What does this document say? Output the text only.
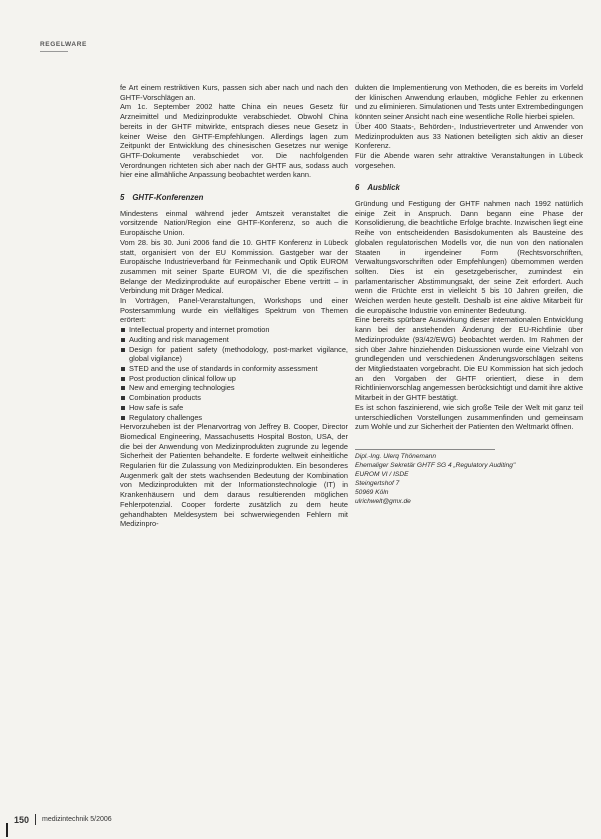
REGELWARE

fe Art einem restriktiven Kurs, passen sich aber nach und nach den GHTF-Vorschlägen an.

Am 1c. September 2002 hatte China ein neues Gesetz für Arzneimittel und Medizinprodukte verabschiedet. Obwohl China bereits in der GHTF mitwirkte, entsprach dieses neue Gesetz in keiner Weise den GHTF-Empfehlungen. Allerdings lagen zum Zeitpunkt der Entwicklung des chinesischen Gesetzes nur wenige GHTF-Dokumente verabschiedet vor. Die nachfolgenden Verordnungen richteten sich aber nach der GHTF aus, sodass auch hier eine allmähliche Anpassung beobachtet werden kann.

5 GHTF-Konferenzen

Mindestens einmal während jeder Amtszeit veranstaltet die vorsitzende Nation/Region eine GHTF-Konferenz, so auch die Europäische Union.

Vom 28. bis 30. Juni 2006 fand die 10. GHTF Konferenz in Lübeck statt, organisiert von der EU Kommission. Gastgeber war der Europäische Industrieverband für Feinmechanik und Optik EUROM zusammen mit seiner Sparte EUROM VI, die die spezifischen Belange der Medizinprodukte auf europäischer Ebene vertritt – in Verbindung mit Dräger Medical.

In Vorträgen, Panel-Veranstaltungen, Workshops und einer Postersammlung wurde ein vielfältiges Spektrum von Themen erörtert:

Intellectual property and internet promotion
Auditing and risk management
Design for patient safety (methodology, post-market vigilance, global vigilance)
STED and the use of standards in conformity assessment
Post production clinical follow up
New and emerging technologies
Combination products
How safe is safe
Regulatory challenges

Hervorzuheben ist der Plenarvortrag von Jeffrey B. Cooper, Director Biomedical Engineering, Massachusetts Hospital Boston, USA, der die bei der Anwendung von Medizinprodukten zugrunde zu legende Sicherheit der Patienten behandelte. E forderte weltweit einheitliche Regularien für die Zulassung von Medizinprodukten. Ein besonderes Augenmerk galt der stets wachsenden Bedeutung der Kombination von Medizinprodukten mit der Informationstechnologie (IT) in Krankenhäusern und dem daraus resultierenden möglichen Fehlerpotenzial. Cooper forderte zusätzlich zu dem heute gehandhabten Meldesystem bei schwerwiegenden Fehlern mit Medizinpro-

dukten die Implementierung von Methoden, die es bereits im Vorfeld der klinischen Anwendung erlauben, mögliche Fehler zu erkennen und zu eliminieren. Simulationen und Tests unter Extrembedingungen könnten seiner Ansicht nach eine wesentliche Rolle hierbei spielen.

Über 400 Staats-, Behörden-, Industrievertreter und Anwender von Medizinprodukten aus 33 Nationen beteiligten sich aktiv an dieser Konferenz.

Für die Abende waren sehr attraktive Veranstaltungen in Lübeck vorgesehen.

6 Ausblick

Gründung und Festigung der GHTF nahmen nach 1992 natürlich einige Zeit in Anspruch. Dann begann eine Phase der Konsolidierung, die beachtliche Erfolge brachte. Inzwischen liegt eine Reihe von entscheidenden Basisdokumenten als Bausteine des globalen regulatorischen Modells vor, die nun von den nationalen Staaten in irgendeiner Form (Rechtsvorschriften, Verwaltungsvorschriften oder Empfehlungen) übernommen werden sollten. Dies ist ein gesetzgeberischer, zumindest ein parlamentarischer Abstimmungsakt, der seine Zeit erfordert. Auch wenn die Früchte erst in vielleicht 5 bis 10 Jahren greifen, die Weichen werden heute gestellt. Deshalb ist eine aktive Mitarbeit für die europäische Industrie von eminenter Bedeutung.

Eine bereits spürbare Auswirkung dieser internationalen Entwicklung kann bei der anstehenden Änderung der EU-Richtlinie über Medizinprodukte (93/42/EWG) beobachtet werden. Im Rahmen der sich über Jahre hinziehenden Diskussionen wurde eine Vielzahl von grundlegenden und verschiedenen Änderungsvorschlägen seitens der Mitgliedstaaten vorgebracht. Die EU Kommission hat sich jedoch an den Vorgaben der GHTF orientiert, diese in dem Richtlinienvorschlag angemessen berücksichtigt und damit ihre aktive Mitarbeit in der GHTF bestätigt.

Es ist schon faszinierend, wie sich große Teile der Welt mit ganz teil unterschiedlichen Vorstellungen zusammenfinden und gemeinsam zum Wohle und zur Sicherheit der Patienten den Weltmarkt öffnen.

Dipl.-Ing. Ulerq Thönemann
Ehemaliger Sekretär GHTF SG 4 „Regulatory Auditing"
EUROM VI / ISDE
Steingertshof 7
50969 Köln
ulrichwelt@gmx.de
150 medizintechnik 5/2006
